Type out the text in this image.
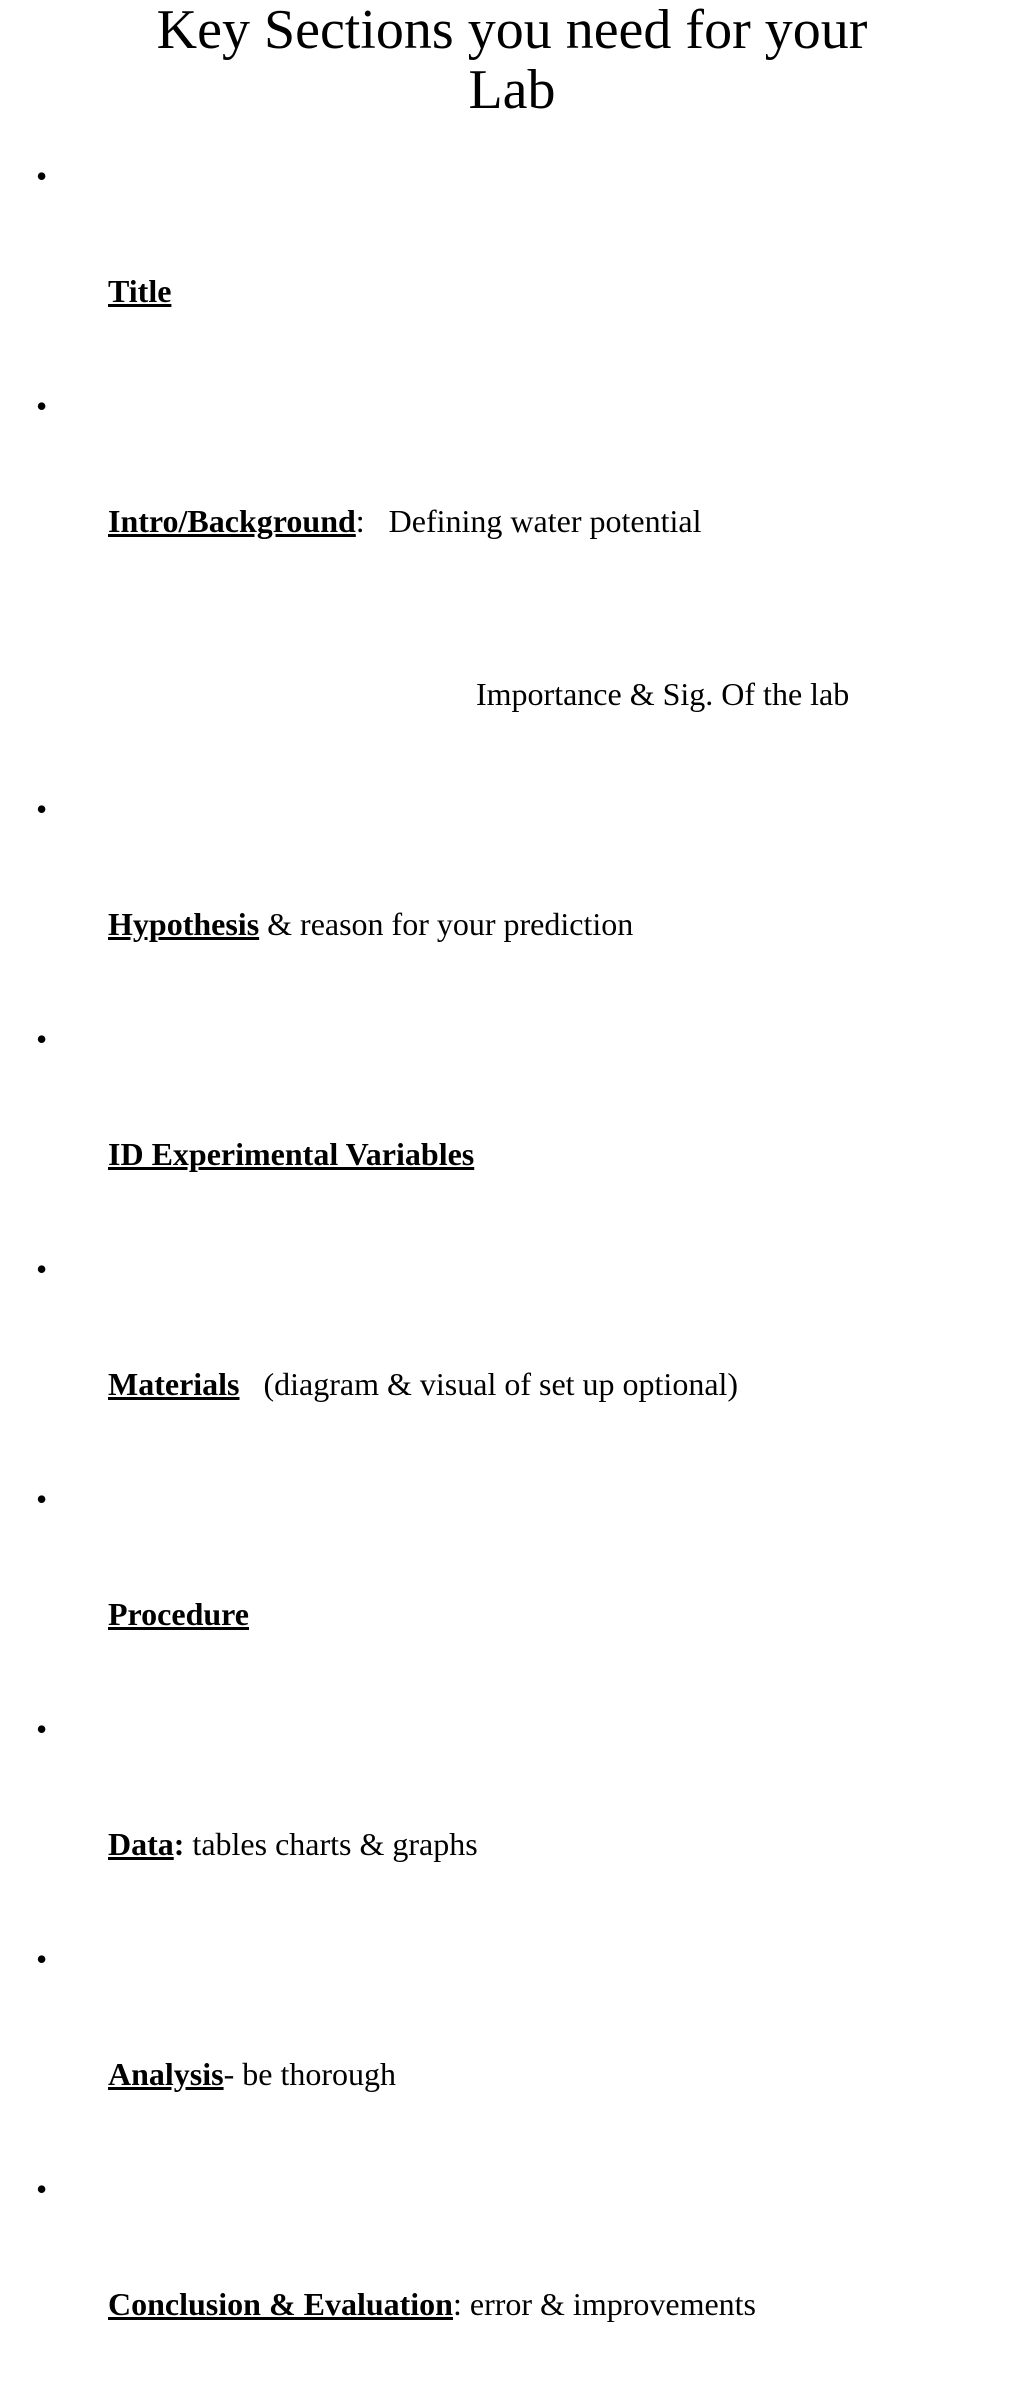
Key Sections you need for your
Lab

•

Title

•

Intro/Background:   Defining water potential

Importance & Sig. Of the lab

•

Hypothesis & reason for your prediction

•

ID Experimental Variables

•

Materials   (diagram & visual of set up optional)

•

Procedure

•

Data: tables charts & graphs

•

Analysis- be thorough

•

Conclusion & Evaluation: error & improvements
